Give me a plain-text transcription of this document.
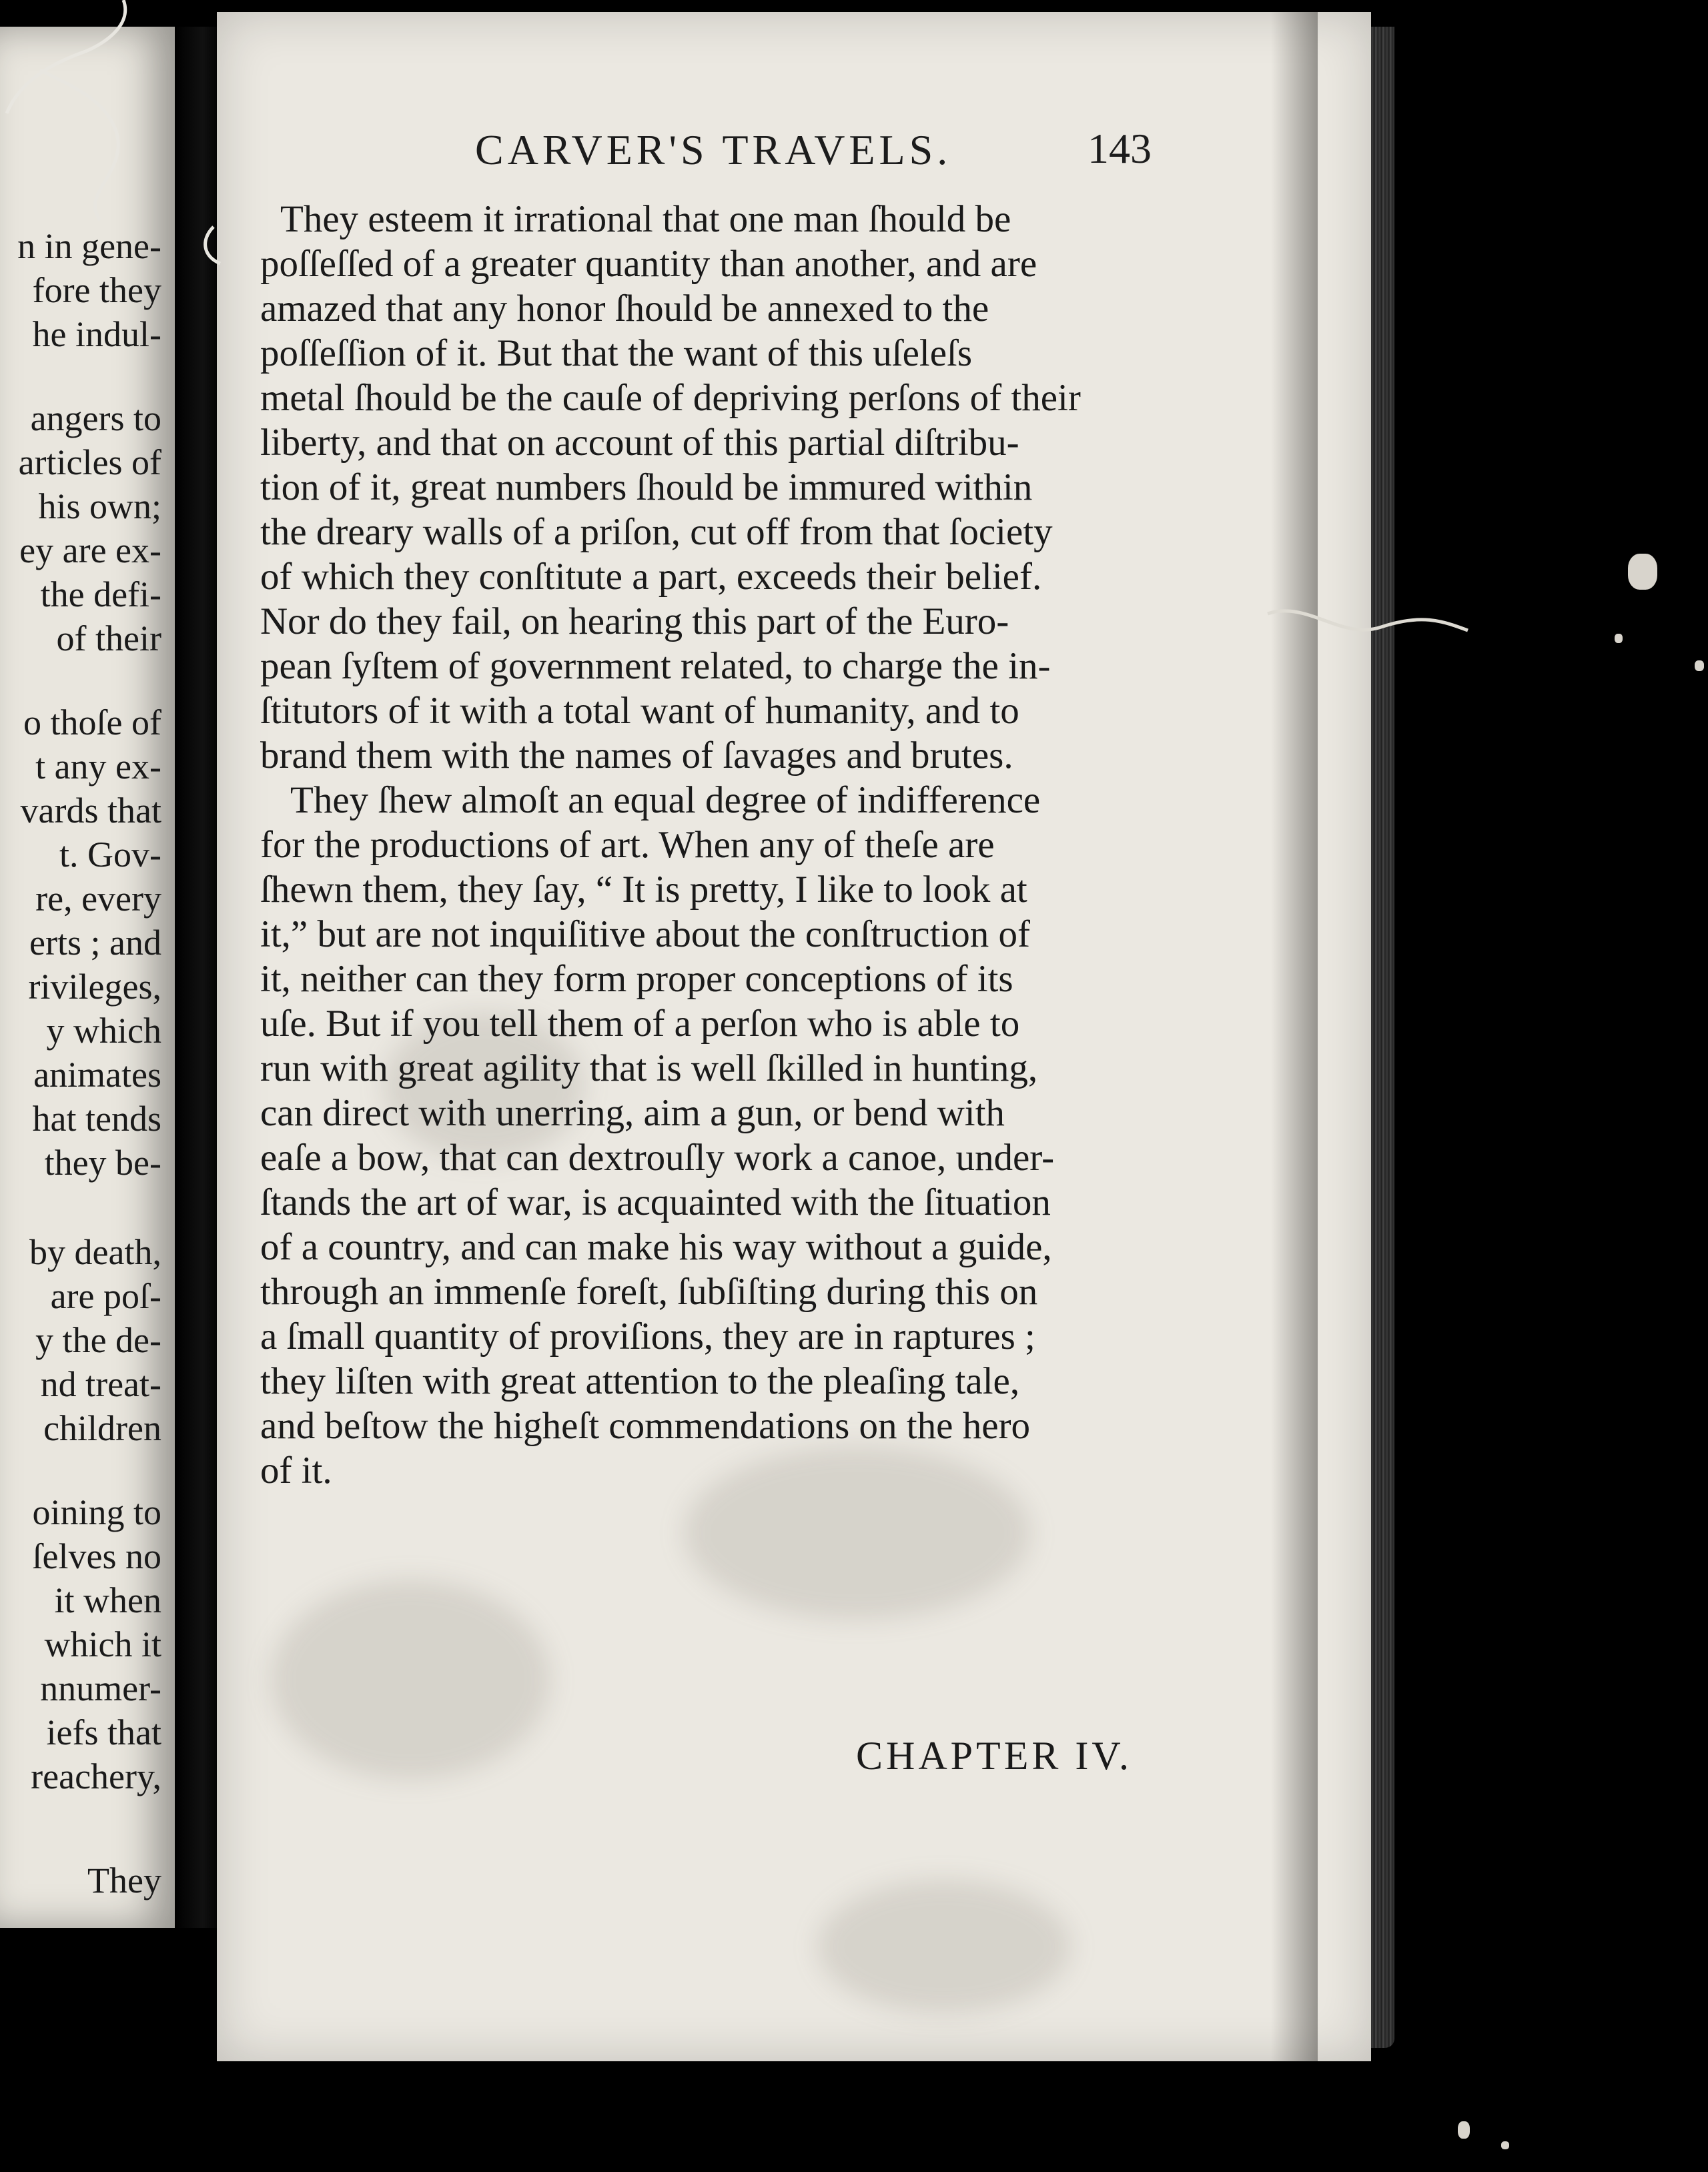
n in gene-
fore they
he indul-
angers to
articles of
his own;
ey are ex-
the defi-
of their
o thoſe of
t any ex-
vards that
t. Gov-
re, every
erts ; and
rivileges,
y which
animates
hat tends
they be-
by death,
are poſ-
y the de-
nd treat-
children
oining to
ſelves no
it when
which it
nnumer-
iefs that
reachery,
They
CARVER'S TRAVELS.	143
They esteem it irrational that one man ſhould be
poſſeſſed of a greater quantity than another, and are
amazed that any honor ſhould be annexed to the
poſſeſſion of it. But that the want of this uſeleſs
metal ſhould be the cauſe of depriving perſons of their
liberty, and that on account of this partial diſtribu-
tion of it, great numbers ſhould be immured within
the dreary walls of a priſon, cut off from that ſociety
of which they conſtitute a part, exceeds their belief.
Nor do they fail, on hearing this part of the Euro-
pean ſyſtem of government related, to charge the in-
ſtitutors of it with a total want of humanity, and to
brand them with the names of ſavages and brutes.
They ſhew almoſt an equal degree of indifference
for the productions of art. When any of theſe are
ſhewn them, they ſay, “ It is pretty, I like to look at
it,” but are not inquiſitive about the conſtruction of
it, neither can they form proper conceptions of its
uſe. But if you tell them of a perſon who is able to
run with great agility that is well ſkilled in hunting,
can direct with unerring, aim a gun, or bend with
eaſe a bow, that can dextrouſly work a canoe, under-
ſtands the art of war, is acquainted with the ſituation
of a country, and can make his way without a guide,
through an immenſe foreſt, ſubſiſting during this on
a ſmall quantity of proviſions, they are in raptures ;
they liſten with great attention to the pleaſing tale,
and beſtow the higheſt commendations on the hero
of it.
CHAPTER IV.
